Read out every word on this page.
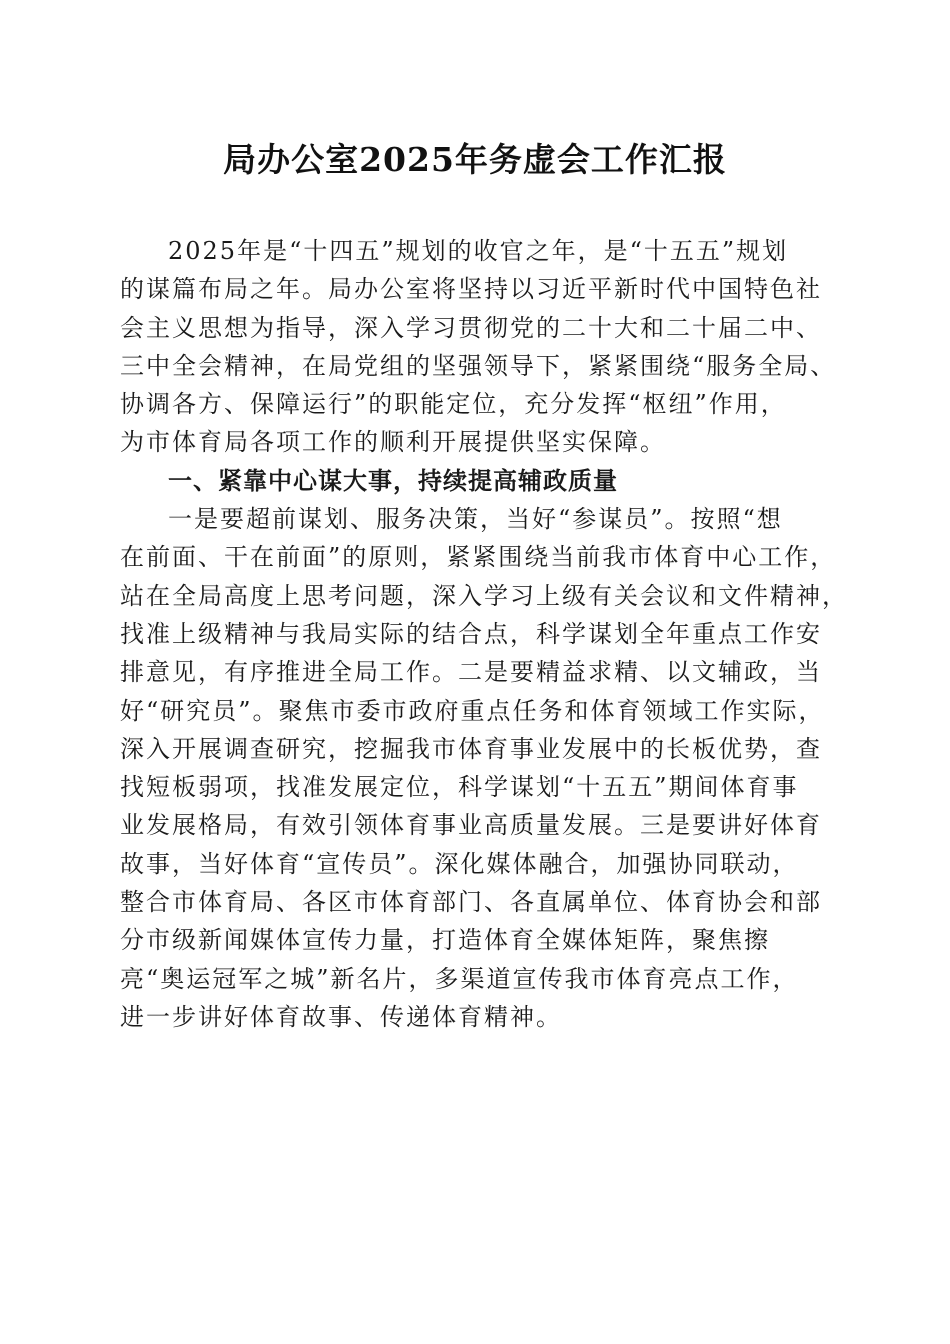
局办公室2025年务虚会工作汇报

2025年是“十四五”规划的收官之年，是“十五五”规划
的谋篇布局之年。局办公室将坚持以习近平新时代中国特色社
会主义思想为指导，深入学习贯彻党的二十大和二十届二中、
三中全会精神，在局党组的坚强领导下，紧紧围绕“服务全局、
协调各方、保障运行”的职能定位，充分发挥“枢纽”作用，
为市体育局各项工作的顺利开展提供坚实保障。

一、紧靠中心谋大事，持续提高辅政质量

一是要超前谋划、服务决策，当好“参谋员”。按照“想
在前面、干在前面”的原则，紧紧围绕当前我市体育中心工作，
站在全局高度上思考问题，深入学习上级有关会议和文件精神，
找准上级精神与我局实际的结合点，科学谋划全年重点工作安
排意见，有序推进全局工作。二是要精益求精、以文辅政，当
好“研究员”。聚焦市委市政府重点任务和体育领域工作实际，
深入开展调查研究，挖掘我市体育事业发展中的长板优势，查
找短板弱项，找准发展定位，科学谋划“十五五”期间体育事
业发展格局，有效引领体育事业高质量发展。三是要讲好体育
故事，当好体育“宣传员”。深化媒体融合，加强协同联动，
整合市体育局、各区市体育部门、各直属单位、体育协会和部
分市级新闻媒体宣传力量，打造体育全媒体矩阵，聚焦擦
亮“奥运冠军之城”新名片，多渠道宣传我市体育亮点工作，
进一步讲好体育故事、传递体育精神。
